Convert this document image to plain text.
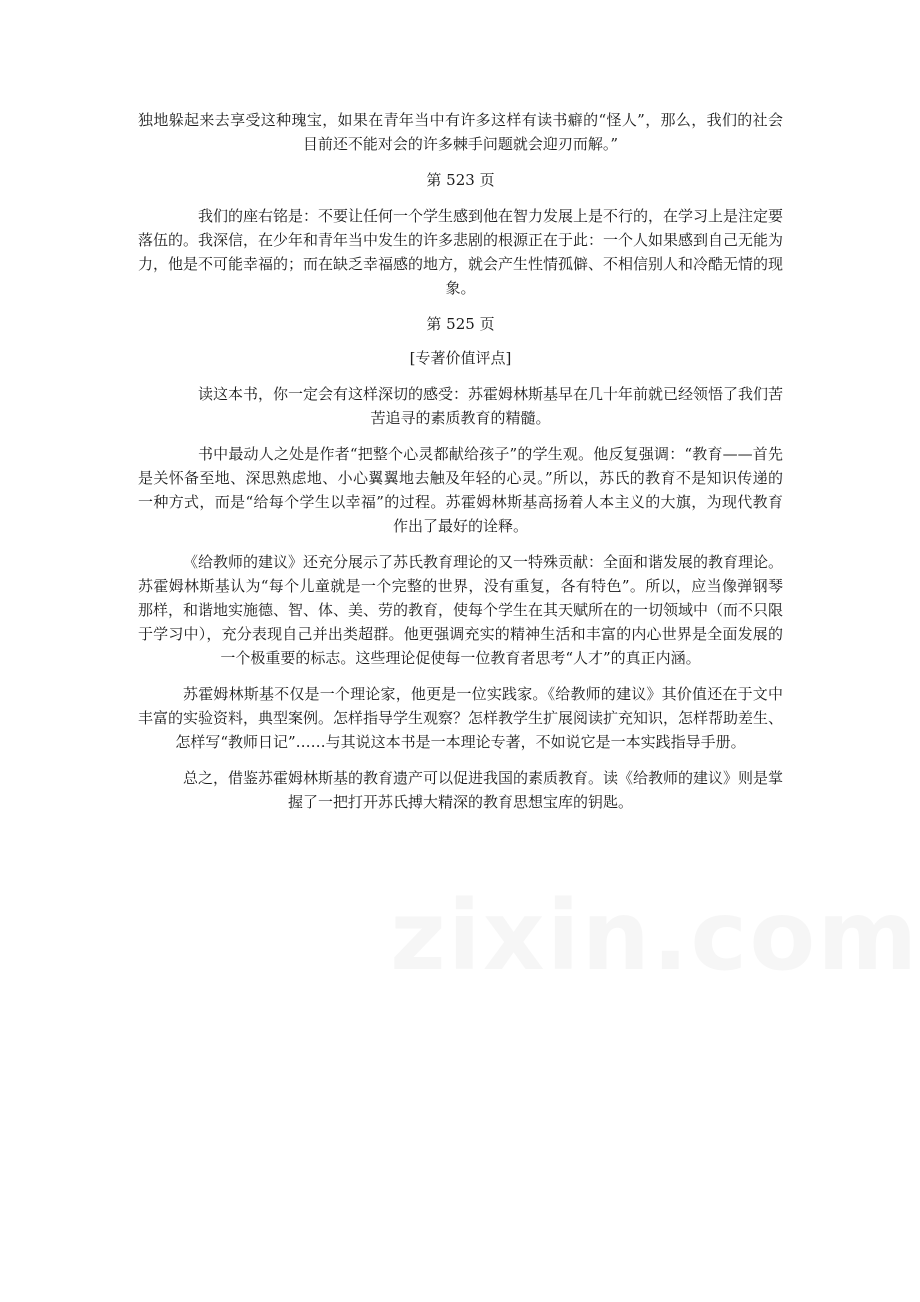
独地躲起来去享受这种瑰宝，如果在青年当中有许多这样有读书癖的“怪人”，那么，我们的社会目前还不能对会的许多棘手问题就会迎刃而解。”

第 523 页

我们的座右铭是：不要让任何一个学生感到他在智力发展上是不行的，在学习上是注定要落伍的。我深信，在少年和青年当中发生的许多悲剧的根源正在于此：一个人如果感到自己无能为力，他是不可能幸福的；而在缺乏幸福感的地方，就会产生性情孤僻、不相信别人和冷酷无情的现象。

第 525 页

[专著价值评点]

读这本书，你一定会有这样深切的感受：苏霍姆林斯基早在几十年前就已经领悟了我们苦苦追寻的素质教育的精髓。

书中最动人之处是作者“把整个心灵都献给孩子”的学生观。他反复强调：“教育——首先是关怀备至地、深思熟虑地、小心翼翼地去触及年轻的心灵。”所以，苏氏的教育不是知识传递的一种方式，而是“给每个学生以幸福”的过程。苏霍姆林斯基高扬着人本主义的大旗，为现代教育作出了最好的诠释。

《给教师的建议》还充分展示了苏氏教育理论的又一特殊贡献：全面和谐发展的教育理论。苏霍姆林斯基认为“每个儿童就是一个完整的世界，没有重复，各有特色”。所以，应当像弹钢琴那样，和谐地实施德、智、体、美、劳的教育，使每个学生在其天赋所在的一切领域中（而不只限于学习中），充分表现自己并出类超群。他更强调充实的精神生活和丰富的内心世界是全面发展的一个极重要的标志。这些理论促使每一位教育者思考“人才”的真正内涵。

苏霍姆林斯基不仅是一个理论家，他更是一位实践家。《给教师的建议》其价值还在于文中丰富的实验资料，典型案例。怎样指导学生观察？怎样教学生扩展阅读扩充知识，怎样帮助差生、怎样写“教师日记”……与其说这本书是一本理论专著，不如说它是一本实践指导手册。

总之，借鉴苏霍姆林斯基的教育遗产可以促进我国的素质教育。读《给教师的建议》则是掌握了一把打开苏氏搏大精深的教育思想宝库的钥匙。
